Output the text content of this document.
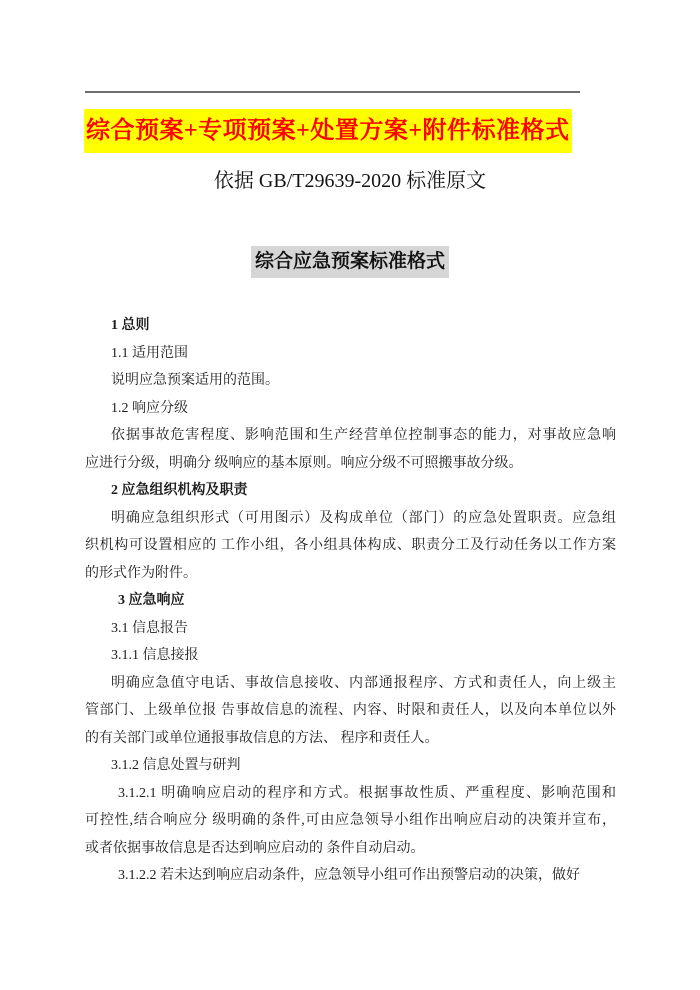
综合预案+专项预案+处置方案+附件标准格式
依据 GB/T29639-2020 标准原文
综合应急预案标准格式
1 总则
1.1 适用范围
说明应急预案适用的范围。
1.2 响应分级
依据事故危害程度、影响范围和生产经营单位控制事态的能力，对事故应急响
应进行分级，明确分 级响应的基本原则。响应分级不可照搬事故分级。
2 应急组织机构及职责
明确应急组织形式（可用图示）及构成单位（部门）的应急处置职责。应急组
织机构可设置相应的 工作小组，各小组具体构成、职责分工及行动任务以工作方案
的形式作为附件。
3 应急响应
3.1 信息报告
3.1.1 信息接报
明确应急值守电话、事故信息接收、内部通报程序、方式和责任人，向上级主
管部门、上级单位报 告事故信息的流程、内容、时限和责任人，以及向本单位以外
的有关部门或单位通报事故信息的方法、 程序和责任人。
3.1.2 信息处置与研判
3.1.2.1 明确响应启动的程序和方式。根据事故性质、严重程度、影响范围和
可控性,结合响应分 级明确的条件,可由应急领导小组作出响应启动的决策并宣布，
或者依据事故信息是否达到响应启动的 条件自动启动。
3.1.2.2 若未达到响应启动条件，应急领导小组可作出预警启动的决策，做好
